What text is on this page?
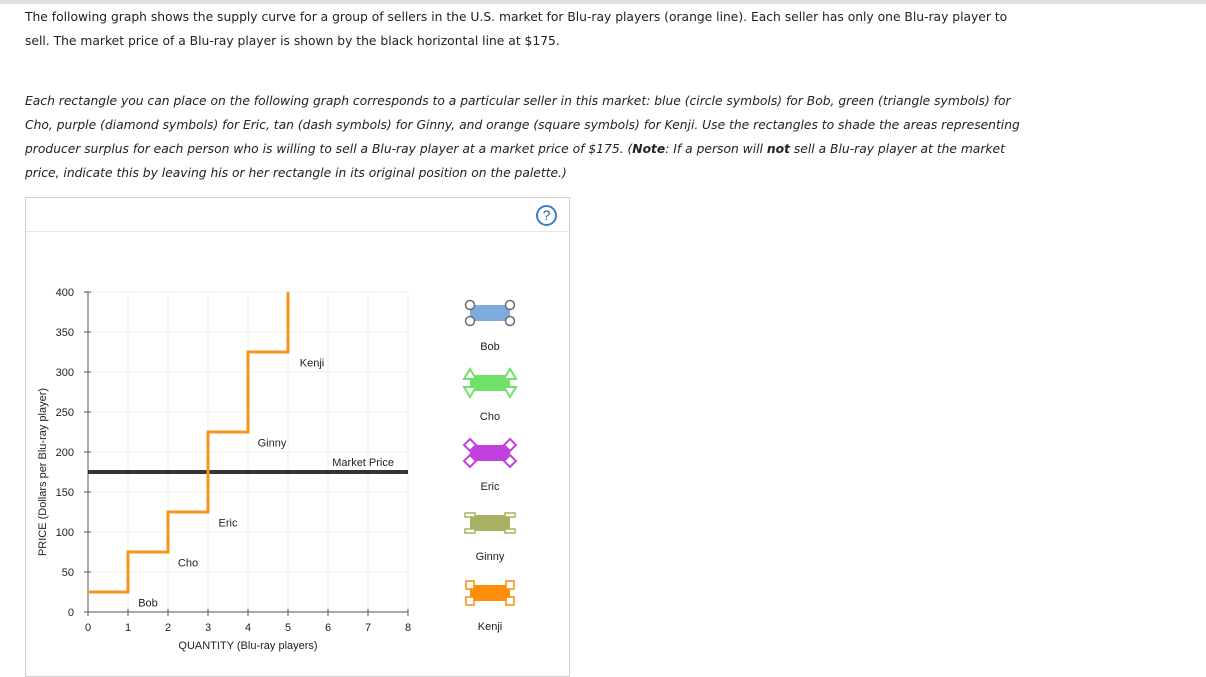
The following graph shows the supply curve for a group of sellers in the U.S. market for Blu-ray players (orange line). Each seller has only one Blu-ray player to sell. The market price of a Blu-ray player is shown by the black horizontal line at $175.

Each rectangle you can place on the following graph corresponds to a particular seller in this market: blue (circle symbols) for Bob, green (triangle symbols) for Cho, purple (diamond symbols) for Eric, tan (dash symbols) for Ginny, and orange (square symbols) for Kenji. Use the rectangles to shade the areas representing producer surplus for each person who is willing to sell a Blu-ray player at a market price of $175. (Note: If a person will not sell a Blu-ray player at the market price, indicate this by leaving his or her rectangle in its original position on the palette.)

?
0	1	2	3	4	5	6	7	8
0
50
100
150
200
250
300
350
400
QUANTITY (Blu-ray players)
PRICE (Dollars per Blu-ray player)	Market Price
Bob
Cho
Eric
Ginny
Kenji
Bob
Cho
Eric
Ginny
Kenji
